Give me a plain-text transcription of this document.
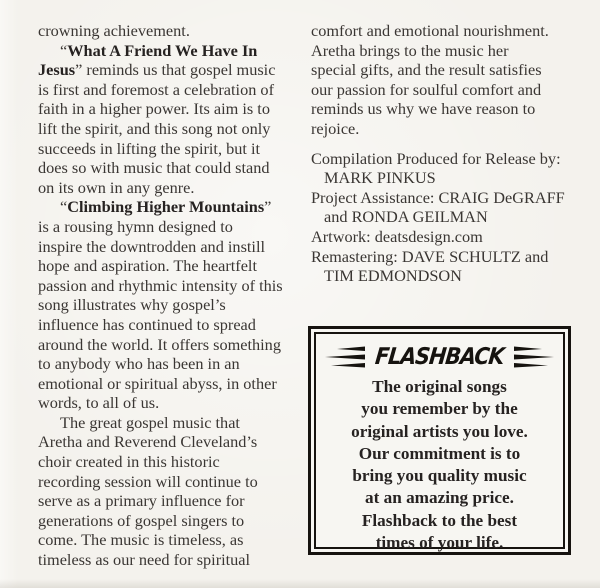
crowning achievement.
“What A Friend We Have In
Jesus” reminds us that gospel music
is first and foremost a celebration of
faith in a higher power. Its aim is to
lift the spirit, and this song not only
succeeds in lifting the spirit, but it
does so with music that could stand
on its own in any genre.
“Climbing Higher Mountains”
is a rousing hymn designed to
inspire the downtrodden and instill
hope and aspiration. The heartfelt
passion and rhythmic intensity of this
song illustrates why gospel’s
influence has continued to spread
around the world. It offers something
to anybody who has been in an
emotional or spiritual abyss, in other
words, to all of us.
The great gospel music that
Aretha and Reverend Cleveland’s
choir created in this historic
recording session will continue to
serve as a primary influence for
generations of gospel singers to
come. The music is timeless, as
timeless as our need for spiritual
comfort and emotional nourishment.
Aretha brings to the music her
special gifts, and the result satisfies
our passion for soulful comfort and
reminds us why we have reason to
rejoice.
Compilation Produced for Release by:
MARK PINKUS
Project Assistance: CRAIG DeGRAFF
and RONDA GEILMAN
Artwork: deatsdesign.com
Remastering: DAVE SCHULTZ and
TIM EDMONDSON
FLASHBACK
The original songs
you remember by the
original artists you love.
Our commitment is to
bring you quality music
at an amazing price.
Flashback to the best
times of your life.
